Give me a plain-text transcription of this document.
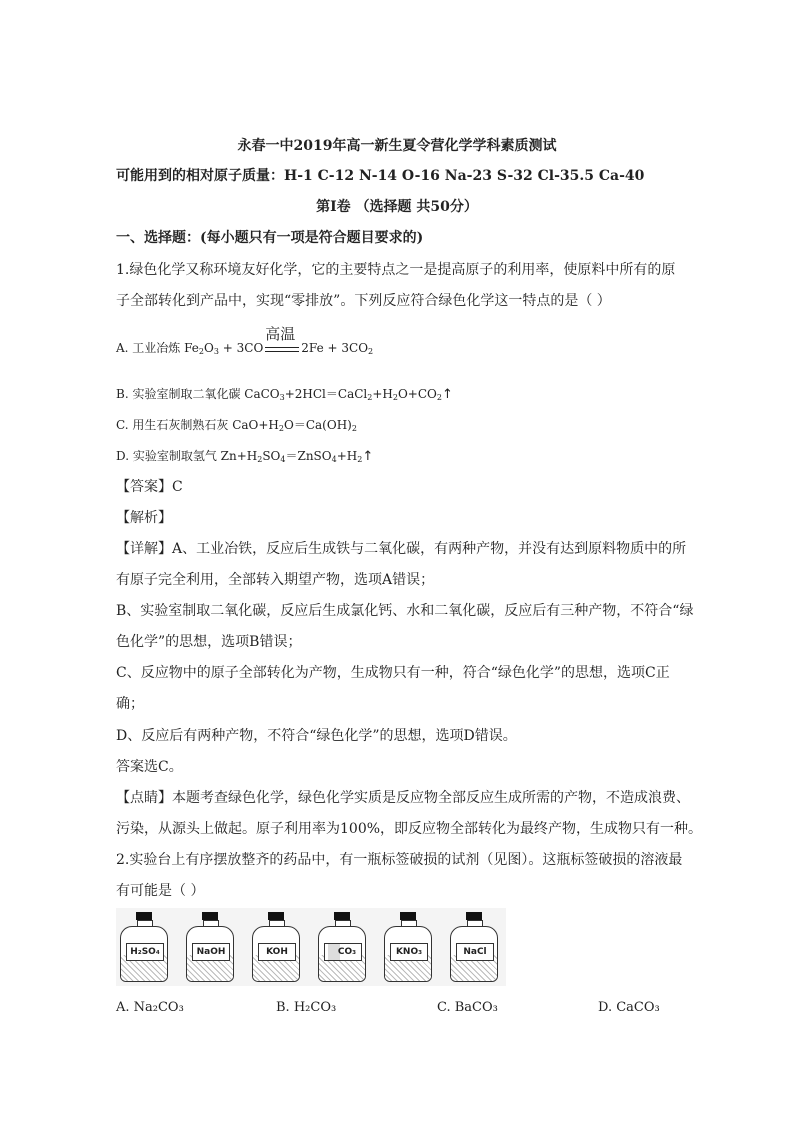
永春一中2019年高一新生夏令营化学学科素质测试
可能用到的相对原子质量：H-1 C-12 N-14 O-16 Na-23 S-32 Cl-35.5 Ca-40
第Ⅰ卷 （选择题 共50分）
一、选择题：(每小题只有一项是符合题目要求的)
1.绿色化学又称环境友好化学，它的主要特点之一是提高原子的利用率，使原料中所有的原
子全部转化到产品中，实现“零排放”。下列反应符合绿色化学这一特点的是（ ）
A. 工业冶炼 $Fe_2O_3 + 3CO$
高温
$2Fe + 3CO_2$
B. 实验室制取二氧化碳 $CaCO_3+2HCl=CaCl_2+H_2O+CO_2↑$
C. 用生石灰制熟石灰 $CaO+H_2O=Ca(OH)_2$
D. 实验室制取氢气 $Zn+H_2SO_4=ZnSO_4+H_2↑$
【答案】C
【解析】
【详解】A、工业冶铁，反应后生成铁与二氧化碳，有两种产物，并没有达到原料物质中的所
有原子完全利用，全部转入期望产物，选项A错误；
B、实验室制取二氧化碳，反应后生成氯化钙、水和二氧化碳，反应后有三种产物，不符合“绿
色化学”的思想，选项B错误；
C、反应物中的原子全部转化为产物，生成物只有一种，符合“绿色化学”的思想，选项C正
确；
D、反应后有两种产物，不符合“绿色化学”的思想，选项D错误。
答案选C。
【点睛】本题考查绿色化学，绿色化学实质是反应物全部反应生成所需的产物，不造成浪费、
污染，从源头上做起。原子利用率为100%，即反应物全部转化为最终产物，生成物只有一种。
2.实验台上有序摆放整齐的药品中，有一瓶标签破损的试剂（见图）。这瓶标签破损的溶液最
有可能是（ ）
H₂SO₄	NaOH	KOH	CO₃	KNO₃	NaCl
A. Na₂CO₃	B. H₂CO₃	C. BaCO₃	D. CaCO₃
